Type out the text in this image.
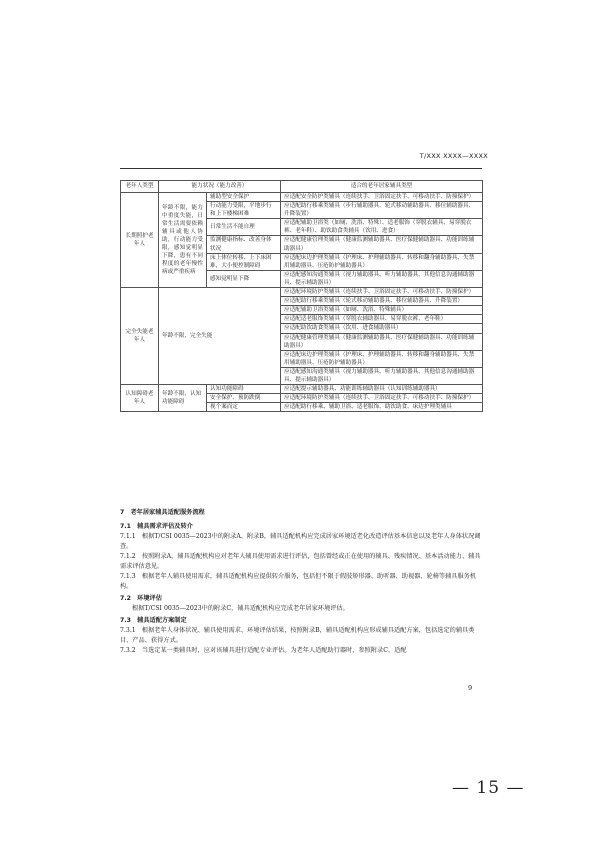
T/XXX XXXX—XXXX
老年人类型	能力状况（能力改善）		适合的老年居家辅具类型
长期照护老年人	年龄不限，能力中重度失能，日常生活需要依赖辅具或他人协助，行动能力受限，感知觉明显下降，患有不同程度的老年慢性病或严重疾病	辅助型安全保护	应适配安全防护类辅具（连续扶手、卫浴固定扶手、可移动扶手、防撞保护）
		行动能力受限，平地步行和上下楼梯困难	应适配助行移乘类辅具（步行辅助器具、轮式移动辅助器具、移位辅助器具、升降装置）
		日常生活不能自理	应适配辅助卫浴类（如厕、洗浴、特殊）、适老服饰（穿脱衣辅具、易穿脱衣裤、老年鞋）、助饮助食类辅具（饮用、进食）
		监测健康指标、改善身体状况	应适配健康管理类辅具（健康监测辅助器具、医疗保健辅助器具、功能训练辅助器具）
		床上体位转移、上下床困难，大小便控制障碍	应适配床边护理类辅具（护理床、护理辅助器具、转移和翻身辅助器具、失禁用辅助器具、压疮防护辅助器具）
		感知觉明显下降	应适配感知沟通类辅具（视力辅助器具、听力辅助器具、其他信息沟通辅助器具、提示辅助器具）
完全失能老年人	年龄不限，完全失能		应适配环境防护类辅具（连续扶手、卫浴固定扶手、可移动扶手、防撞保护）
			应适配助行移乘类辅具（轮式移动辅助器具、移位辅助器具、升降装置）
			应适配辅助卫浴类辅具（如厕、洗浴、特殊辅具）
			应适配适老服饰类辅具（穿脱衣辅助器具、易穿脱衣裤、老年鞋）
			应适配助饮助食类辅具（饮用、进食辅助器具）
			应适配健康管理类辅具（健康监测辅助器具、医疗保健辅助器具、功能训练辅助器具）
			应适配床边护理类辅具（护理床、护理辅助器具、转移和翻身辅助器具、失禁用辅助器具、压疮防护辅助器具）
			应适配感知沟通类辅具（视力辅助器具、听力辅助器具、其他信息沟通辅助器具、提示辅助器具）
认知障碍老年人	年龄不限，认知功能障碍	认知功能障碍	应适配提示辅助器具、功能训练辅助器具（认知训练辅助器具）
		安全保护、预防跌倒	应适配环境防护类辅具（连续扶手、卫浴固定扶手、可移动扶手、防撞保护）
		视个案而定	应适配助行移乘、辅助卫浴、适老服饰、助饮助食、床边护理类辅具

7　老年居家辅具适配服务流程

7.1　辅具需求评估及转介

7.1.1　根据T/CSI 0035—2023中的附录A、附录B，辅具适配机构应完成居家环境适老化改造评估基本信息以及老年人身体状况调查。

7.1.2　按照附录A，辅具适配机构应对老年人辅具使用需求进行评估，包括曾经或正在使用的辅具、残疾情况、基本活动能力、辅具需求评估意见。

7.1.3　根据老年人辅具使用需求，辅具适配机构应提供转介服务，包括但不限于假肢矫形器、助听器、助视器、轮椅等辅具服务机构。

7.2　环境评估

根据T/CSI 0035—2023中的附录C，辅具适配机构应完成老年居家环境评估。

7.3　辅具适配方案制定

7.3.1　根据老年人身体状况、辅具使用需求、环境评估结果，按照附录B，辅具适配机构应形成辅具适配方案，包括选定的辅具类目、产品、获得方式。

7.3.2　当选定某一类辅具时，应对该辅具进行适配专业评估。为老年人适配助行器时，参照附录C，适配

9
— 15 —
